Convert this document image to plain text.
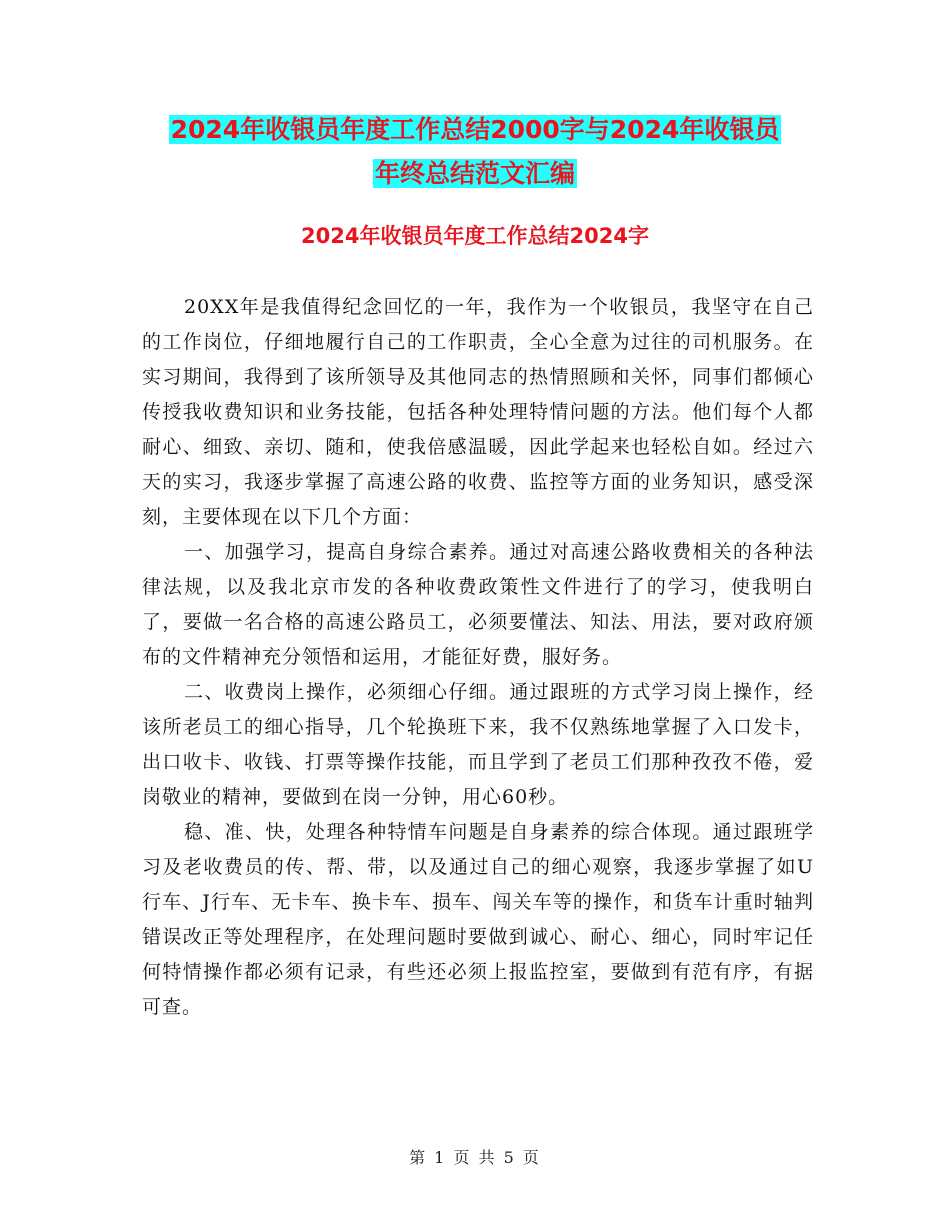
2024年收银员年度工作总结2000字与2024年收银员
年终总结范文汇编
2024年收银员年度工作总结2024字

20XX年是我值得纪念回忆的一年，我作为一个收银员，我坚守在自己的工作岗位，仔细地履行自己的工作职责，全心全意为过往的司机服务。在实习期间，我得到了该所领导及其他同志的热情照顾和关怀，同事们都倾心传授我收费知识和业务技能，包括各种处理特情问题的方法。他们每个人都耐心、细致、亲切、随和，使我倍感温暖，因此学起来也轻松自如。经过六天的实习，我逐步掌握了高速公路的收费、监控等方面的业务知识，感受深刻，主要体现在以下几个方面：

一、加强学习，提高自身综合素养。通过对高速公路收费相关的各种法律法规，以及我北京市发的各种收费政策性文件进行了的学习，使我明白了，要做一名合格的高速公路员工，必须要懂法、知法、用法，要对政府颁布的文件精神充分领悟和运用，才能征好费，服好务。

二、收费岗上操作，必须细心仔细。通过跟班的方式学习岗上操作，经该所老员工的细心指导，几个轮换班下来，我不仅熟练地掌握了入口发卡，出口收卡、收钱、打票等操作技能，而且学到了老员工们那种孜孜不倦，爱岗敬业的精神，要做到在岗一分钟，用心60秒。

稳、准、快，处理各种特情车问题是自身素养的综合体现。通过跟班学习及老收费员的传、帮、带，以及通过自己的细心观察，我逐步掌握了如U行车、J行车、无卡车、换卡车、损车、闯关车等的操作，和货车计重时轴判错误改正等处理程序，在处理问题时要做到诚心、耐心、细心，同时牢记任何特情操作都必须有记录，有些还必须上报监控室，要做到有范有序，有据可查。

第 1 页 共 5 页
